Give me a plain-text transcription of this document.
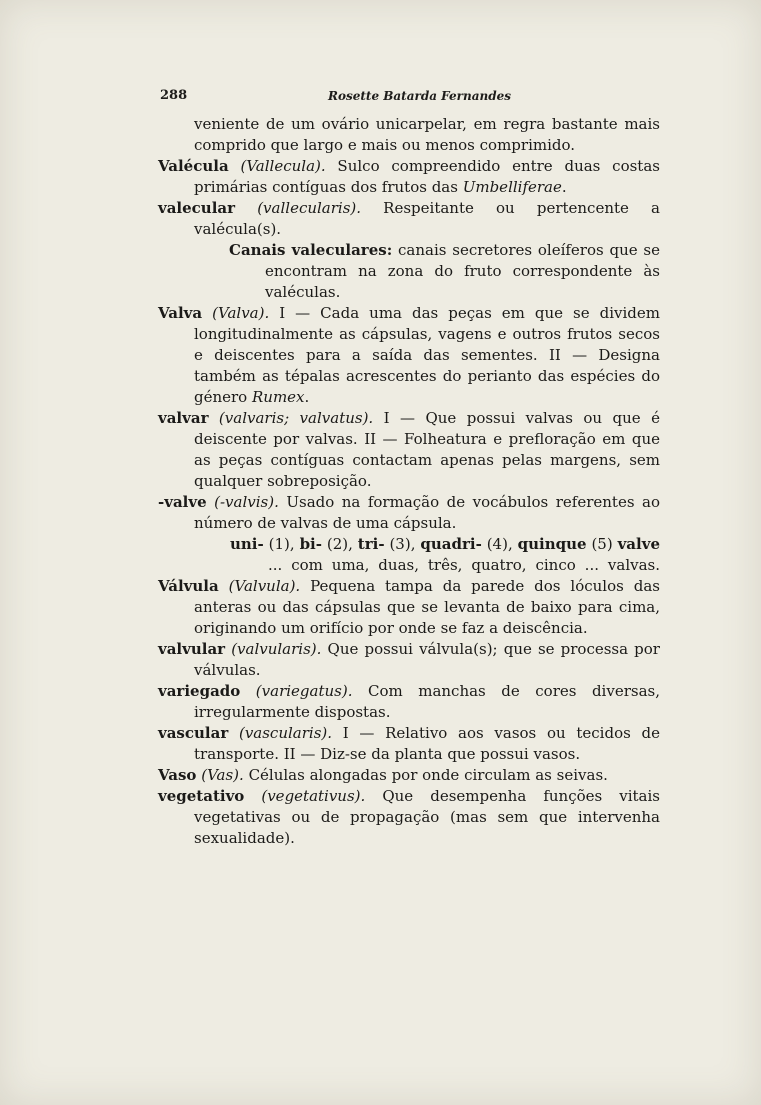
288	Rosette Batarda Fernandes
veniente de um ovário unicarpelar, em regra bastante mais comprido que largo e mais ou menos comprimido.
Valécula (Vallecula). Sulco compreendido entre duas costas primárias contíguas dos frutos das Umbelliferae.
valecular (vallecularis). Respeitante ou pertencente a valécula(s).
Canais valeculares: canais secretores oleíferos que se encontram na zona do fruto correspondente às valéculas.
Valva (Valva). I — Cada uma das peças em que se dividem longitudinalmente as cápsulas, vagens e outros frutos secos e deiscentes para a saída das sementes. II — Designa também as tépalas acrescentes do perianto das espécies do género Rumex.
valvar (valvaris; valvatus). I — Que possui valvas ou que é deiscente por valvas. II — Folheatura e prefloração em que as peças contíguas contactam apenas pelas margens, sem qualquer sobreposição.
-valve (-valvis). Usado na formação de vocábulos referentes ao número de valvas de uma cápsula.
uni- (1), bi- (2), tri- (3), quadri- (4), quinque (5) valve ... com uma, duas, três, quatro, cinco ... valvas.
Válvula (Valvula). Pequena tampa da parede dos lóculos das anteras ou das cápsulas que se levanta de baixo para cima, originando um orifício por onde se faz a deiscência.
valvular (valvularis). Que possui válvula(s); que se processa por válvulas.
variegado (variegatus). Com manchas de cores diversas, irregularmente dispostas.
vascular (vascularis). I — Relativo aos vasos ou tecidos de transporte. II — Diz-se da planta que possui vasos.
Vaso (Vas). Células alongadas por onde circulam as seivas.
vegetativo (vegetativus). Que desempenha funções vitais vegetativas ou de propagação (mas sem que intervenha sexualidade).
